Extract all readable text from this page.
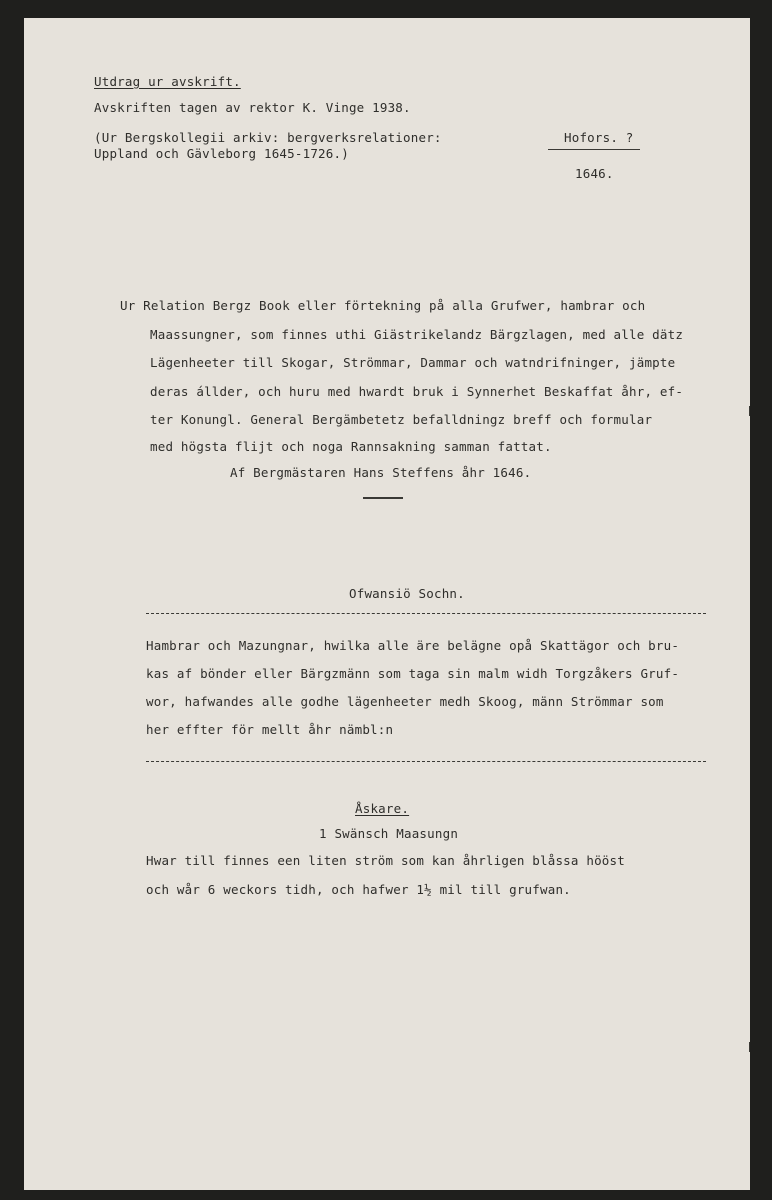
Utdrag ur avskrift.
Avskriften tagen av rektor K. Vinge 1938.
(Ur Bergskollegii arkiv: bergverksrelationer:
Uppland och Gävleborg 1645-1726.)
Hofors. ?
1646.
Ur Relation Bergz Book eller förtekning på alla Grufwer, hambrar och
Maassungner, som finnes uthi Giästrikelandz Bärgzlagen, med alle dätz
Lägenheeter till Skogar, Strömmar, Dammar och watndrifninger, jämpte
deras állder, och huru med hwardt bruk i Synnerhet Beskaffat åhr, ef-
ter Konungl. General Bergämbetetz befalldningz breff och formular
med högsta flijt och noga Rannsakning samman fattat.
Af Bergmästaren Hans Steffens åhr 1646.
Ofwansiö Sochn.
Hambrar och Mazungnar, hwilka alle äre belägne opå Skattägor och bru-
kas af bönder eller Bärgzmänn som taga sin malm widh Torgzåkers Gruf-
wor, hafwandes alle godhe lägenheeter medh Skoog, männ Strömmar som
her effter för mellt åhr nämbl:n
Åskare.
1 Swänsch Maasungn
Hwar till finnes een liten ström som kan åhrligen blåssa hööst
och wår 6 weckors tidh, och hafwer 1½ mil till grufwan.
